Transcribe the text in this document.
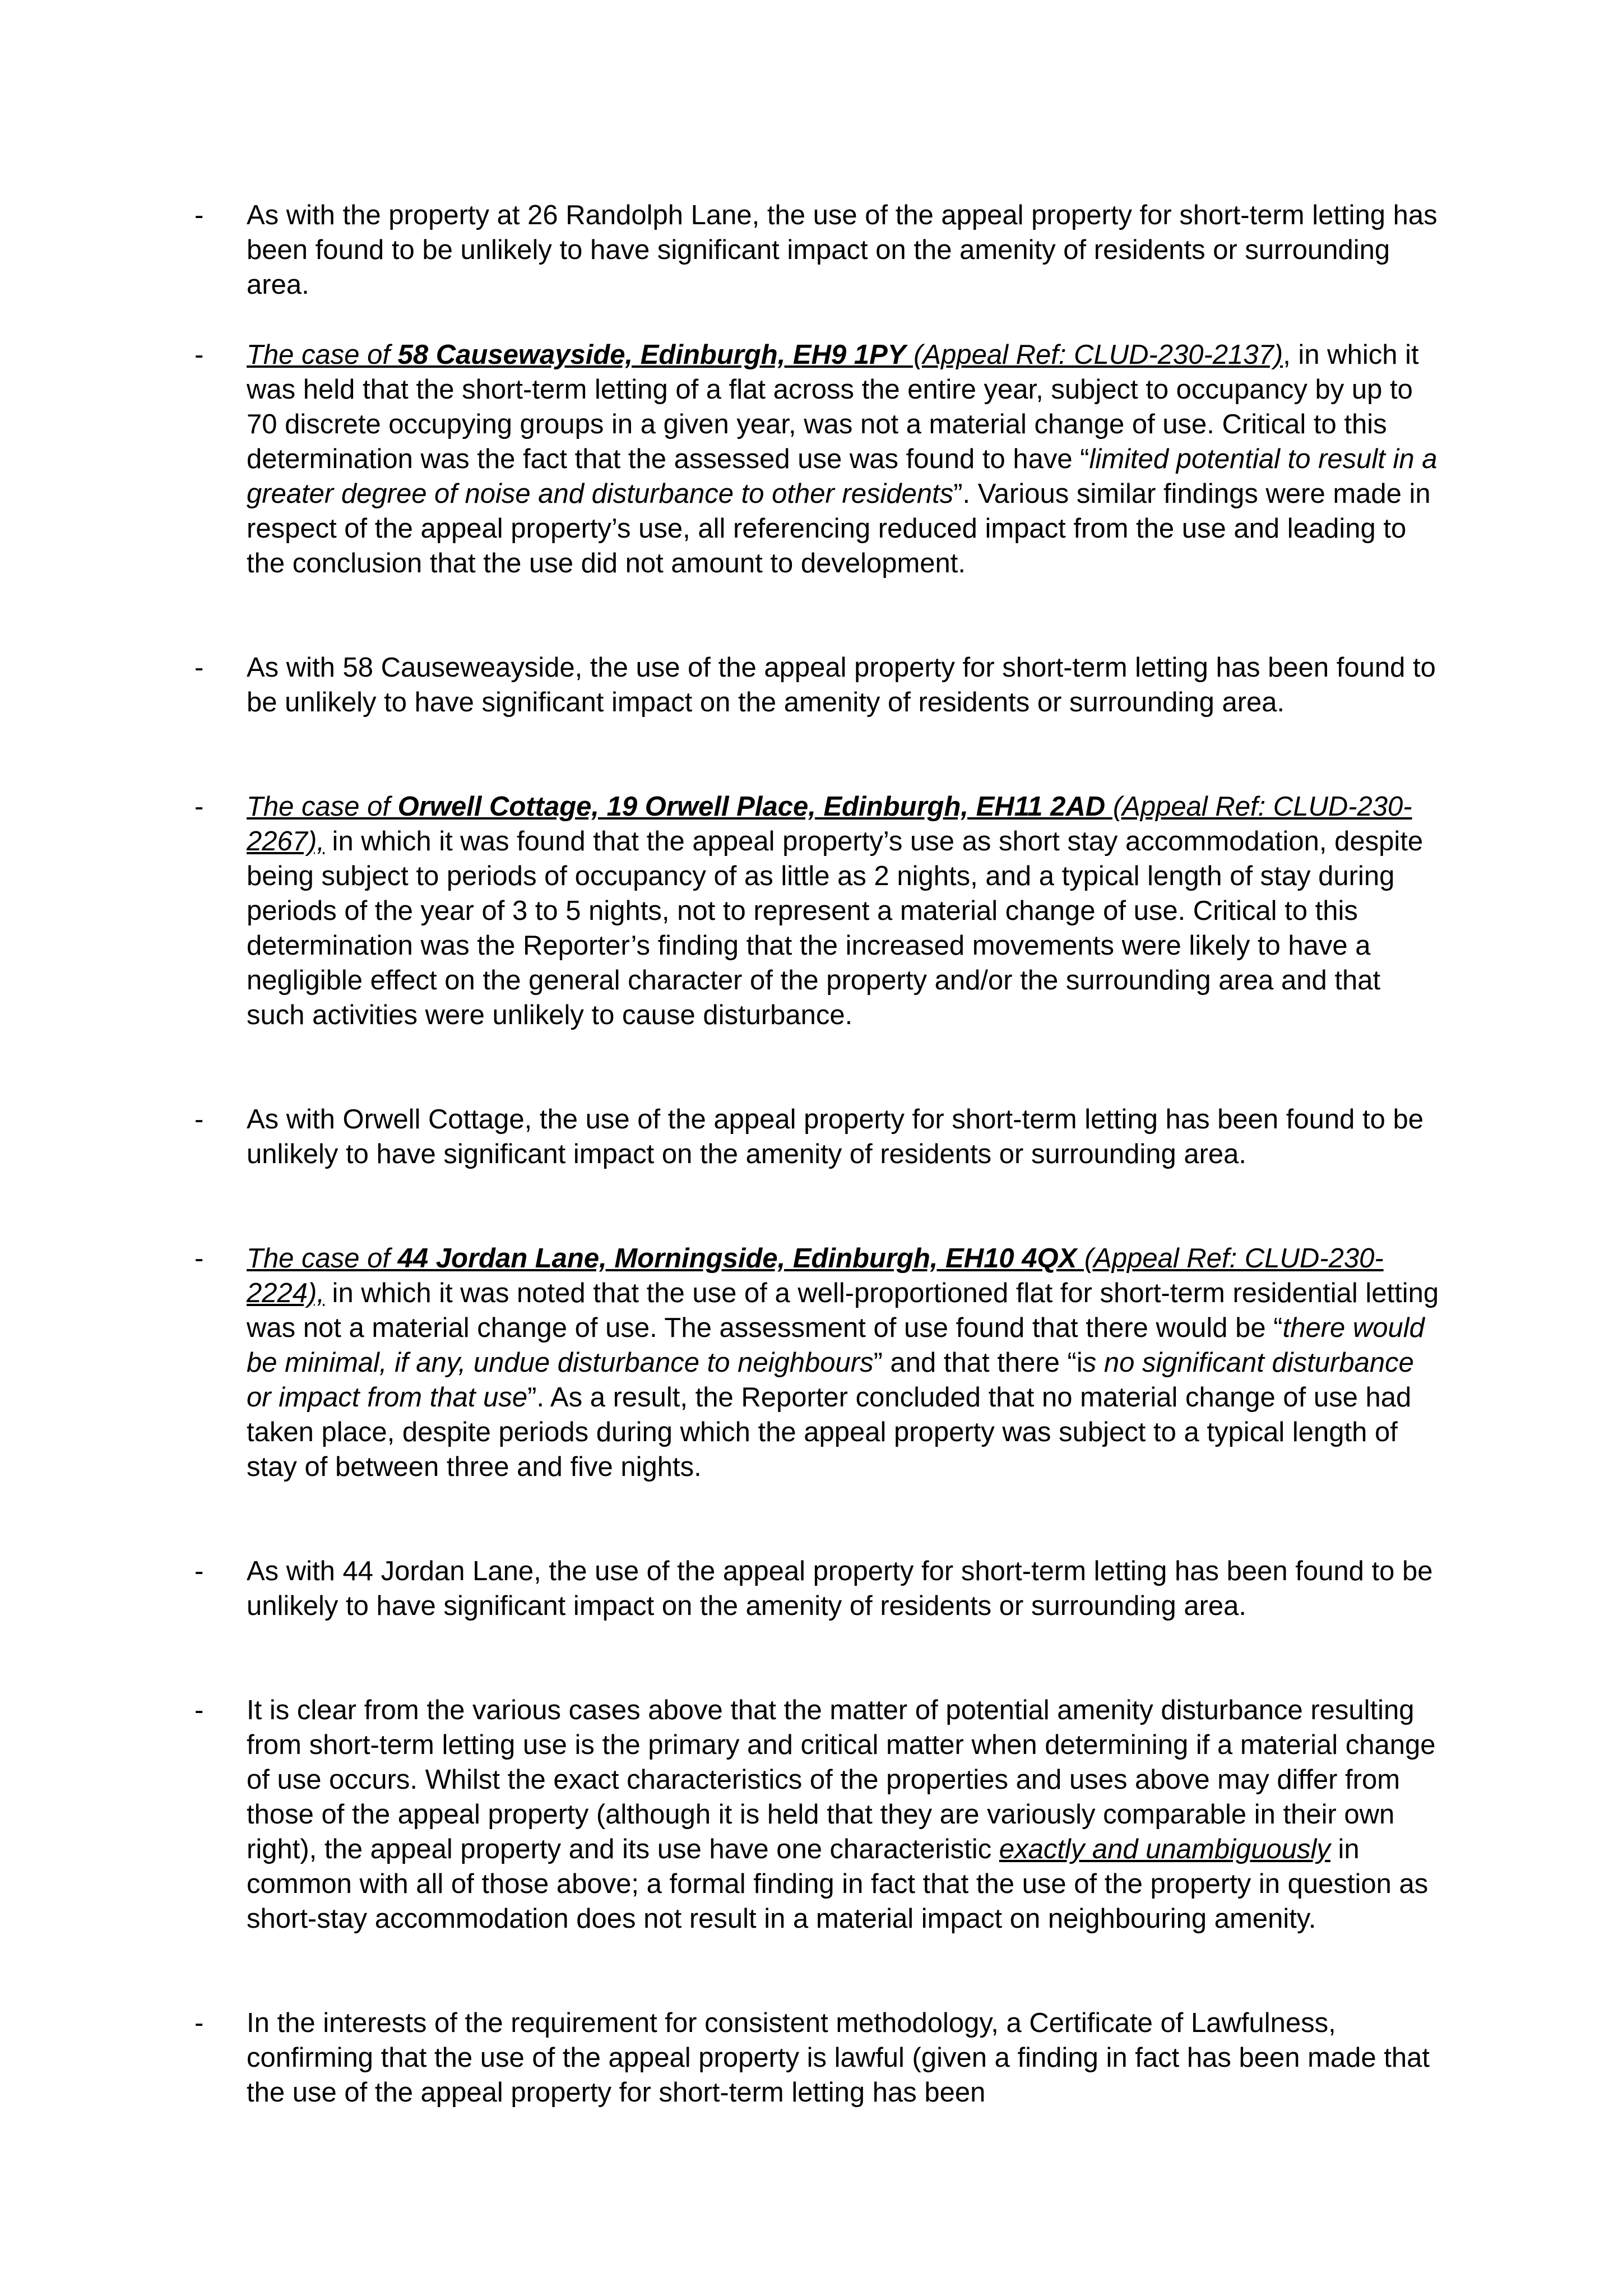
-	As with the property at 26 Randolph Lane, the use of the appeal property for short-term letting has been found to be unlikely to have significant impact on the amenity of residents or surrounding area.
-	The case of 58 Causewayside, Edinburgh, EH9 1PY (Appeal Ref: CLUD-230-2137), in which it was held that the short-term letting of a flat across the entire year, subject to occupancy by up to 70 discrete occupying groups in a given year, was not a material change of use. Critical to this determination was the fact that the assessed use was found to have “limited potential to result in a greater degree of noise and disturbance to other residents”. Various similar findings were made in respect of the appeal property’s use, all referencing reduced impact from the use and leading to the conclusion that the use did not amount to development.
-	As with 58 Causeweayside, the use of the appeal property for short-term letting has been found to be unlikely to have significant impact on the amenity of residents or surrounding area.
-	The case of Orwell Cottage, 19 Orwell Place, Edinburgh, EH11 2AD (Appeal Ref: CLUD-230-2267), in which it was found that the appeal property’s use as short stay accommodation, despite being subject to periods of occupancy of as little as 2 nights, and a typical length of stay during periods of the year of 3 to 5 nights, not to represent a material change of use. Critical to this determination was the Reporter’s finding that the increased movements were likely to have a negligible effect on the general character of the property and/or the surrounding area and that such activities were unlikely to cause disturbance.
-	As with Orwell Cottage, the use of the appeal property for short-term letting has been found to be unlikely to have significant impact on the amenity of residents or surrounding area.
-	The case of 44 Jordan Lane, Morningside, Edinburgh, EH10 4QX (Appeal Ref: CLUD-230-2224), in which it was noted that the use of a well-proportioned flat for short-term residential letting was not a material change of use. The assessment of use found that there would be “there would be minimal, if any, undue disturbance to neighbours” and that there “is no significant disturbance or impact from that use”. As a result, the Reporter concluded that no material change of use had taken place, despite periods during which the appeal property was subject to a typical length of stay of between three and five nights.
-	As with 44 Jordan Lane, the use of the appeal property for short-term letting has been found to be unlikely to have significant impact on the amenity of residents or surrounding area.
-	It is clear from the various cases above that the matter of potential amenity disturbance resulting from short-term letting use is the primary and critical matter when determining if a material change of use occurs. Whilst the exact characteristics of the properties and uses above may differ from those of the appeal property (although it is held that they are variously comparable in their own right), the appeal property and its use have one characteristic exactly and unambiguously in common with all of those above; a formal finding in fact that the use of the property in question as short-stay accommodation does not result in a material impact on neighbouring amenity.
-	In the interests of the requirement for consistent methodology, a Certificate of Lawfulness, confirming that the use of the appeal property is lawful (given a finding in fact has been made that the use of the appeal property for short-term letting has been
